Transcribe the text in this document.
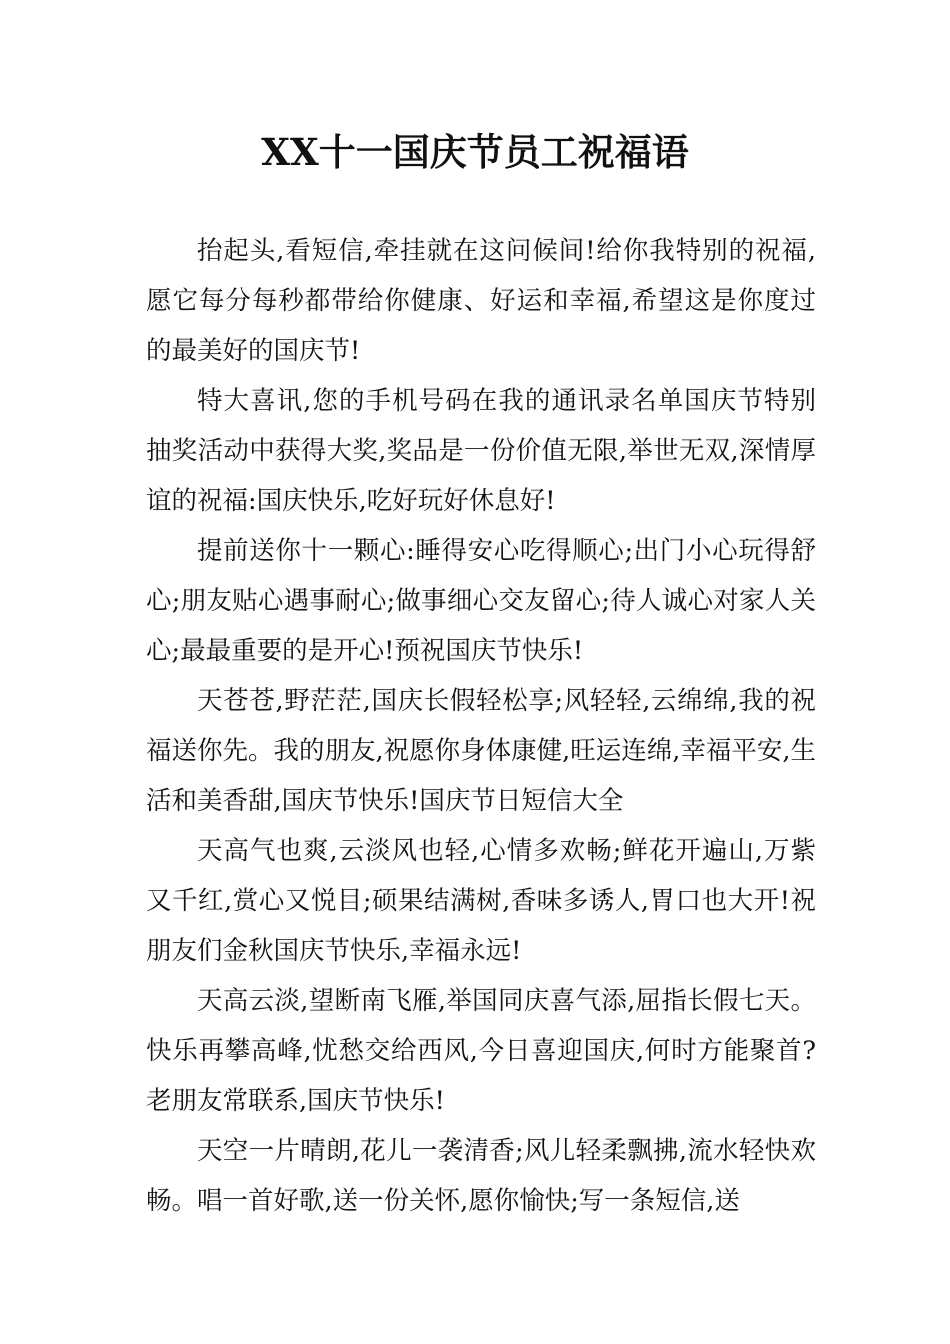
XX十一国庆节员工祝福语

抬起头,看短信,牵挂就在这问候间!给你我特别的祝福,愿它每分每秒都带给你健康、好运和幸福,希望这是你度过的最美好的国庆节!

特大喜讯,您的手机号码在我的通讯录名单国庆节特别抽奖活动中获得大奖,奖品是一份价值无限,举世无双,深情厚谊的祝福:国庆快乐,吃好玩好休息好!

提前送你十一颗心:睡得安心吃得顺心;出门小心玩得舒心;朋友贴心遇事耐心;做事细心交友留心;待人诚心对家人关心;最最重要的是开心!预祝国庆节快乐!

天苍苍,野茫茫,国庆长假轻松享;风轻轻,云绵绵,我的祝福送你先。我的朋友,祝愿你身体康健,旺运连绵,幸福平安,生活和美香甜,国庆节快乐!国庆节日短信大全

天高气也爽,云淡风也轻,心情多欢畅;鲜花开遍山,万紫又千红,赏心又悦目;硕果结满树,香味多诱人,胃口也大开!祝朋友们金秋国庆节快乐,幸福永远!

天高云淡,望断南飞雁,举国同庆喜气添,屈指长假七天。快乐再攀高峰,忧愁交给西风,今日喜迎国庆,何时方能聚首?老朋友常联系,国庆节快乐!

天空一片晴朗,花儿一袭清香;风儿轻柔飘拂,流水轻快欢畅。唱一首好歌,送一份关怀,愿你愉快;写一条短信,送
